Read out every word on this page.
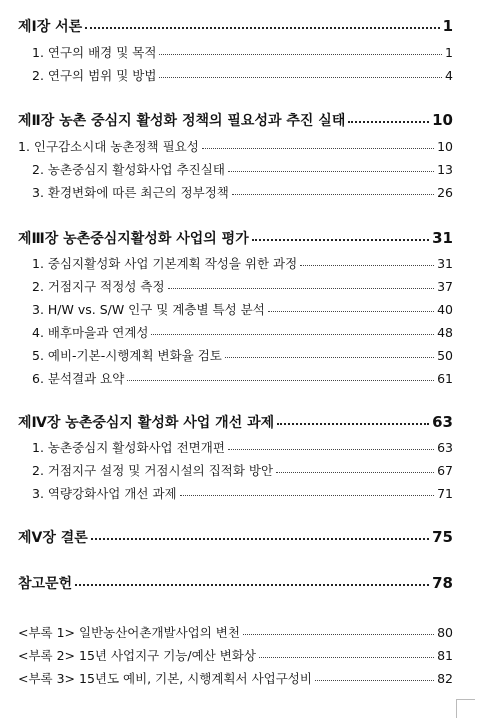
제Ⅰ장 서론	1
1. 연구의 배경 및 목적	1
2. 연구의 범위 및 방법	4
제Ⅱ장 농촌 중심지 활성화 정책의 필요성과 추진 실태	10
1. 인구감소시대 농촌정책 필요성	10
2. 농촌중심지 활성화사업 추진실태	13
3. 환경변화에 따른 최근의 정부정책	26
제Ⅲ장 농촌중심지활성화 사업의 평가	31
1. 중심지활성화 사업 기본계획 작성을 위한 과정	31
2. 거점지구 적정성 측정	37
3. H/W vs. S/W 인구 및 계층별 특성 분석	40
4. 배후마을과 연계성	48
5. 예비-기본-시행계획 변화율 검토	50
6. 분석결과 요약	61
제Ⅳ장 농촌중심지 활성화 사업 개선 과제	63
1. 농촌중심지 활성화사업 전면개편	63
2. 거점지구 설정 및 거점시설의 집적화 방안	67
3. 역량강화사업 개선 과제	71
제Ⅴ장 결론	75
참고문헌	78
<부록 1> 일반농산어촌개발사업의 변천	80
<부록 2> 15년 사업지구 기능/예산 변화상	81
<부록 3> 15년도 예비, 기본, 시행계획서 사업구성비	82
